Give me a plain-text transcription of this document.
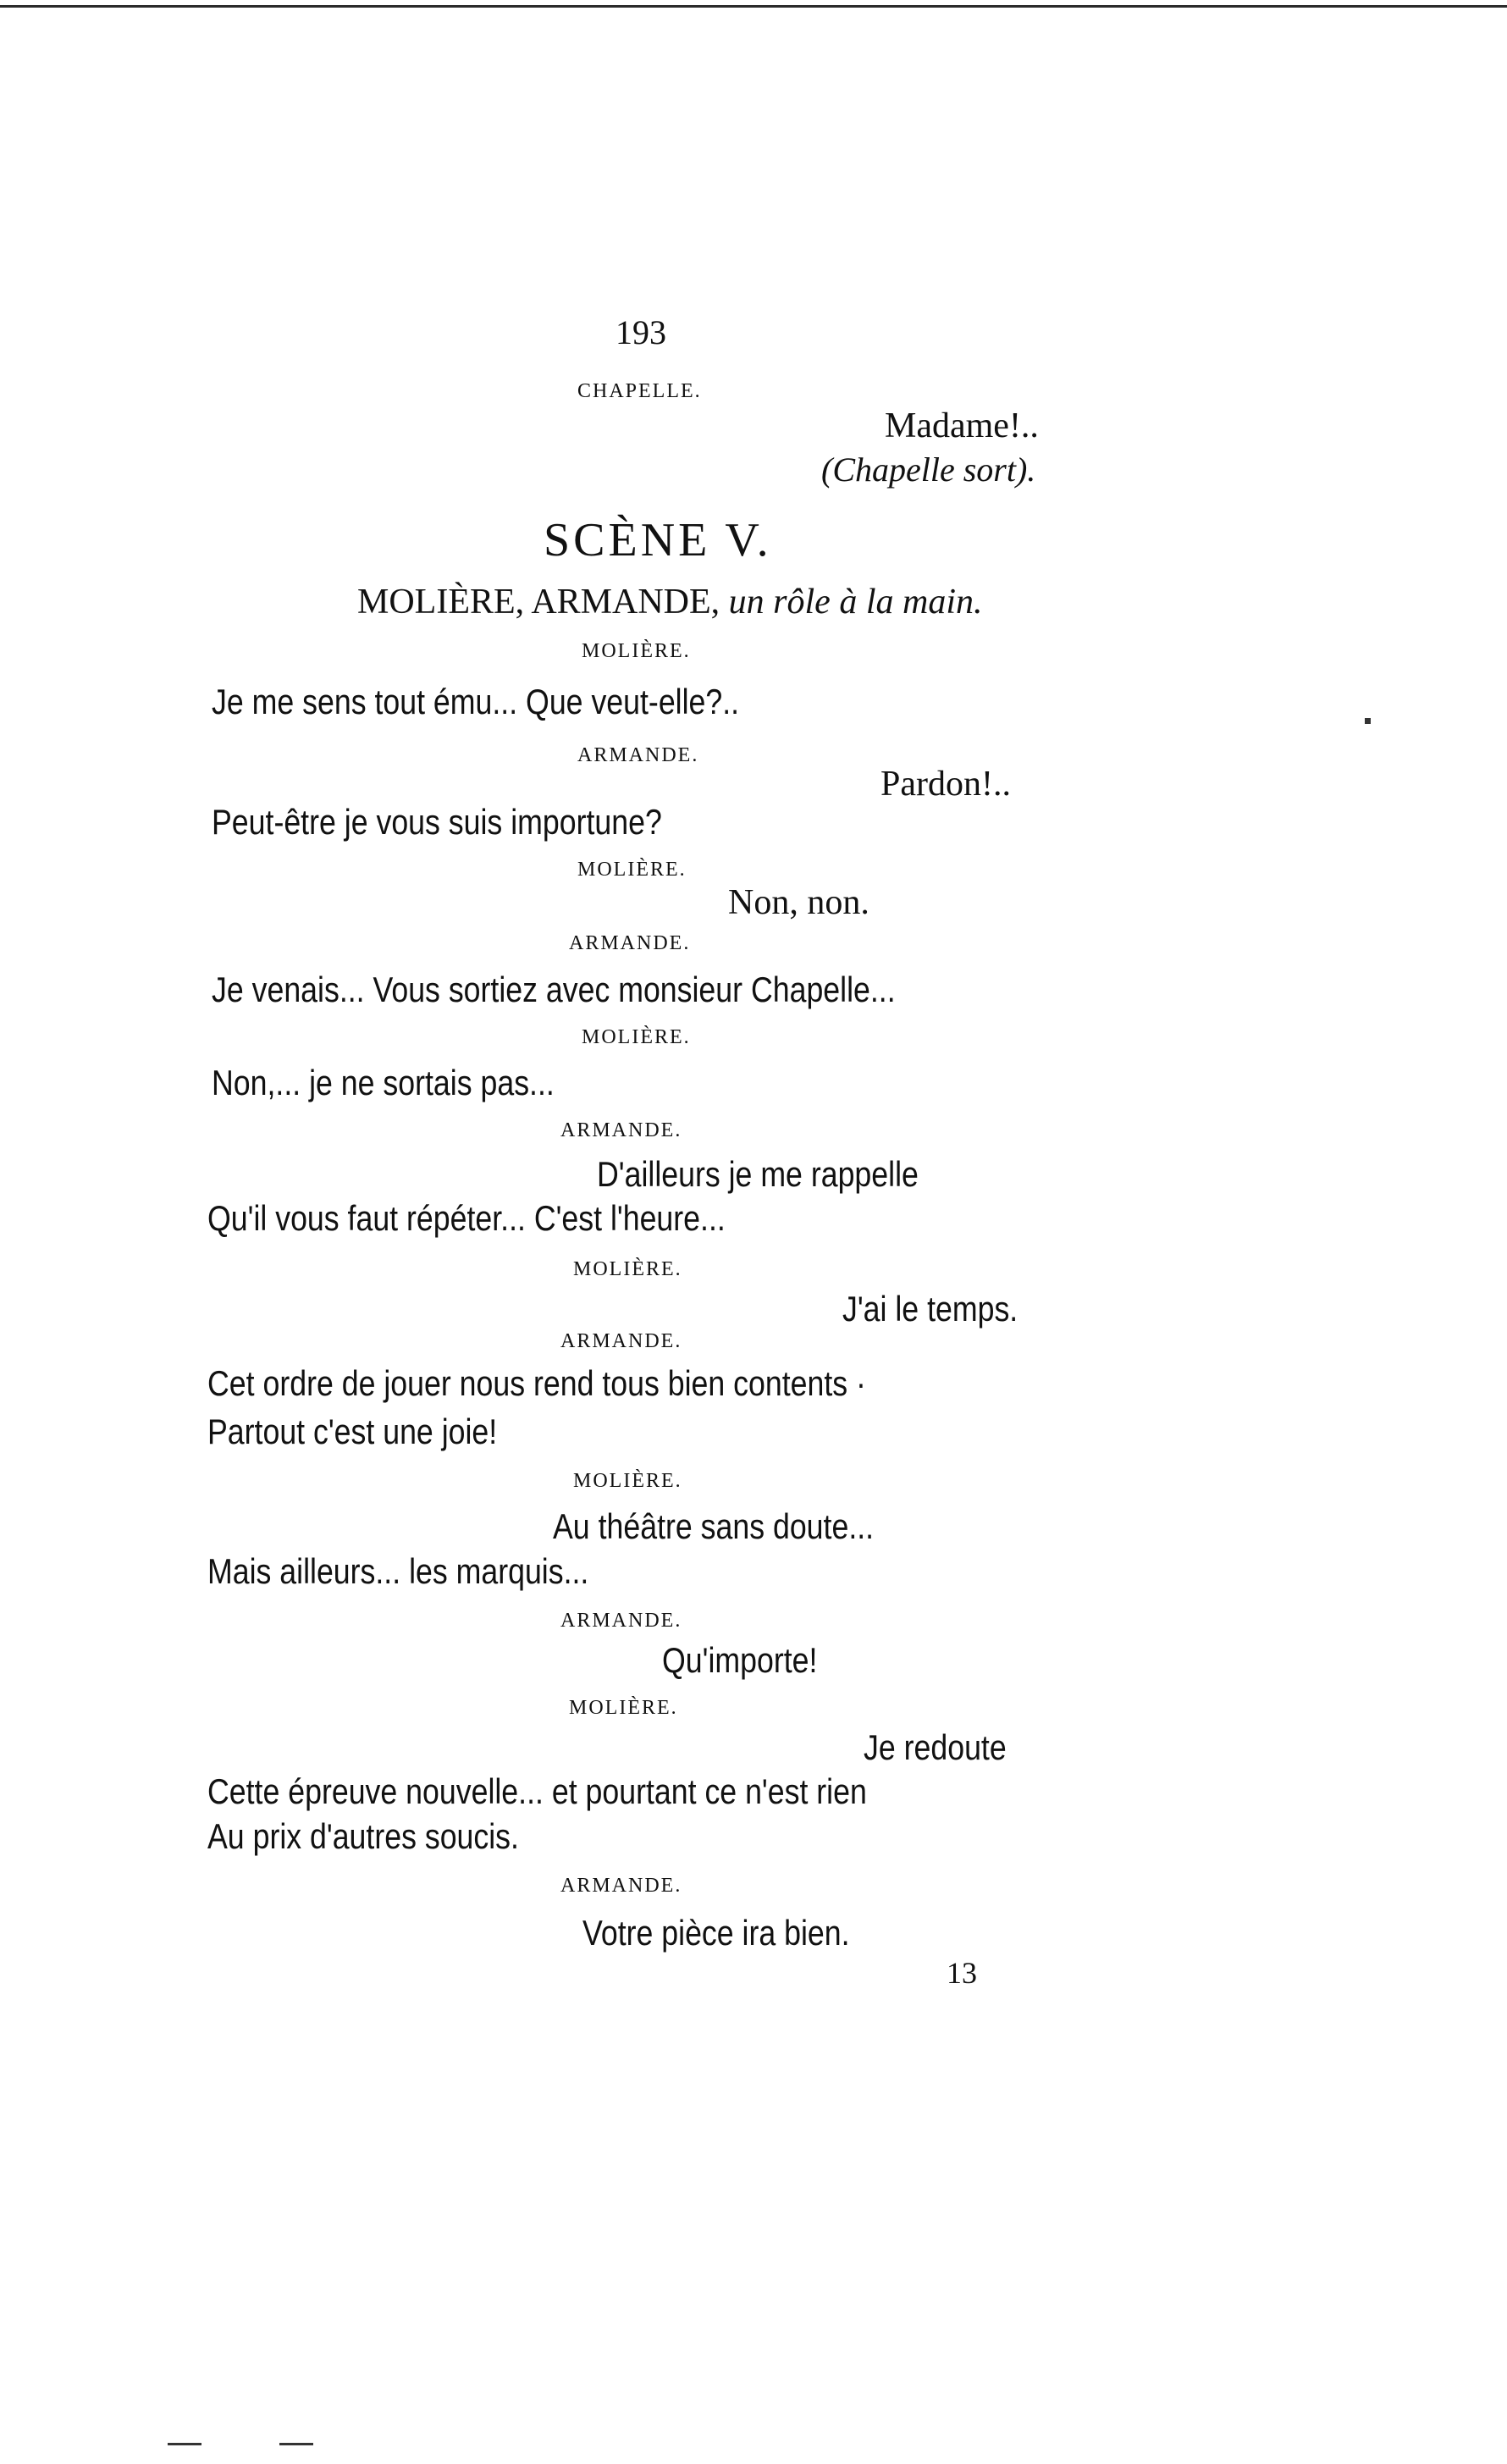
193
CHAPELLE.
Madame!..
(Chapelle sort).
SCÈNE V.
MOLIÈRE, ARMANDE, un rôle à la main.
MOLIÈRE.
Je me sens tout ému... Que veut-elle?..
ARMANDE.
Pardon!..
Peut-être je vous suis importune?
MOLIÈRE.
Non, non.
ARMANDE.
Je venais... Vous sortiez avec monsieur Chapelle...
MOLIÈRE.
Non,... je ne sortais pas...
ARMANDE.
D'ailleurs je me rappelle
Qu'il vous faut répéter... C'est l'heure...
MOLIÈRE.
J'ai le temps.
ARMANDE.
Cet ordre de jouer nous rend tous bien contents ·
Partout c'est une joie!
MOLIÈRE.
Au théâtre sans doute...
Mais ailleurs... les marquis...
ARMANDE.
Qu'importe!
MOLIÈRE.
Je redoute
Cette épreuve nouvelle... et pourtant ce n'est rien
Au prix d'autres soucis.
ARMANDE.
Votre pièce ira bien.
13
